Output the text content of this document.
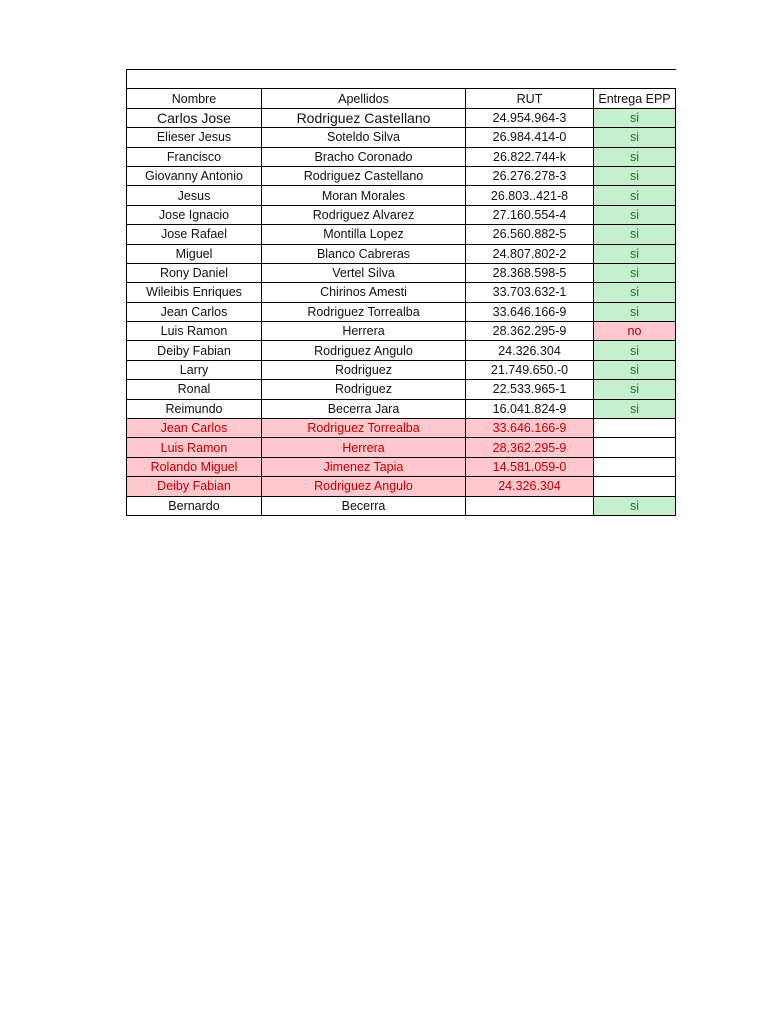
Nombre	Apellidos	RUT	Entrega EPP
Carlos Jose	Rodriguez Castellano	24.954.964-3	si
Elieser Jesus	Soteldo Silva	26.984.414-0	si
Francisco	Bracho Coronado	26.822.744-k	si
Giovanny Antonio	Rodriguez Castellano	26.276.278-3	si
Jesus	Moran Morales	26.803..421-8	si
Jose Ignacio	Rodriguez Alvarez	27.160.554-4	si
Jose Rafael	Montilla Lopez	26.560.882-5	si
Miguel	Blanco Cabreras	24.807.802-2	si
Rony Daniel	Vertel Silva	28.368.598-5	si
Wileibis Enriques	Chirinos Amesti	33.703.632-1	si
Jean Carlos	Rodriguez Torrealba	33.646.166-9	si
Luis Ramon	Herrera	28.362.295-9	no
Deiby Fabian	Rodriguez Angulo	24.326.304	si
Larry	Rodriguez	21.749.650.-0	si
Ronal	Rodriguez	22.533.965-1	si
Reimundo	Becerra Jara	16.041.824-9	si
Jean Carlos	Rodriguez Torrealba	33.646.166-9	
Luis Ramon	Herrera	28.362.295-9	
Rolando Miguel	Jimenez Tapia	14.581.059-0	
Deiby Fabian	Rodriguez Angulo	24.326.304	
Bernardo	Becerra		si
